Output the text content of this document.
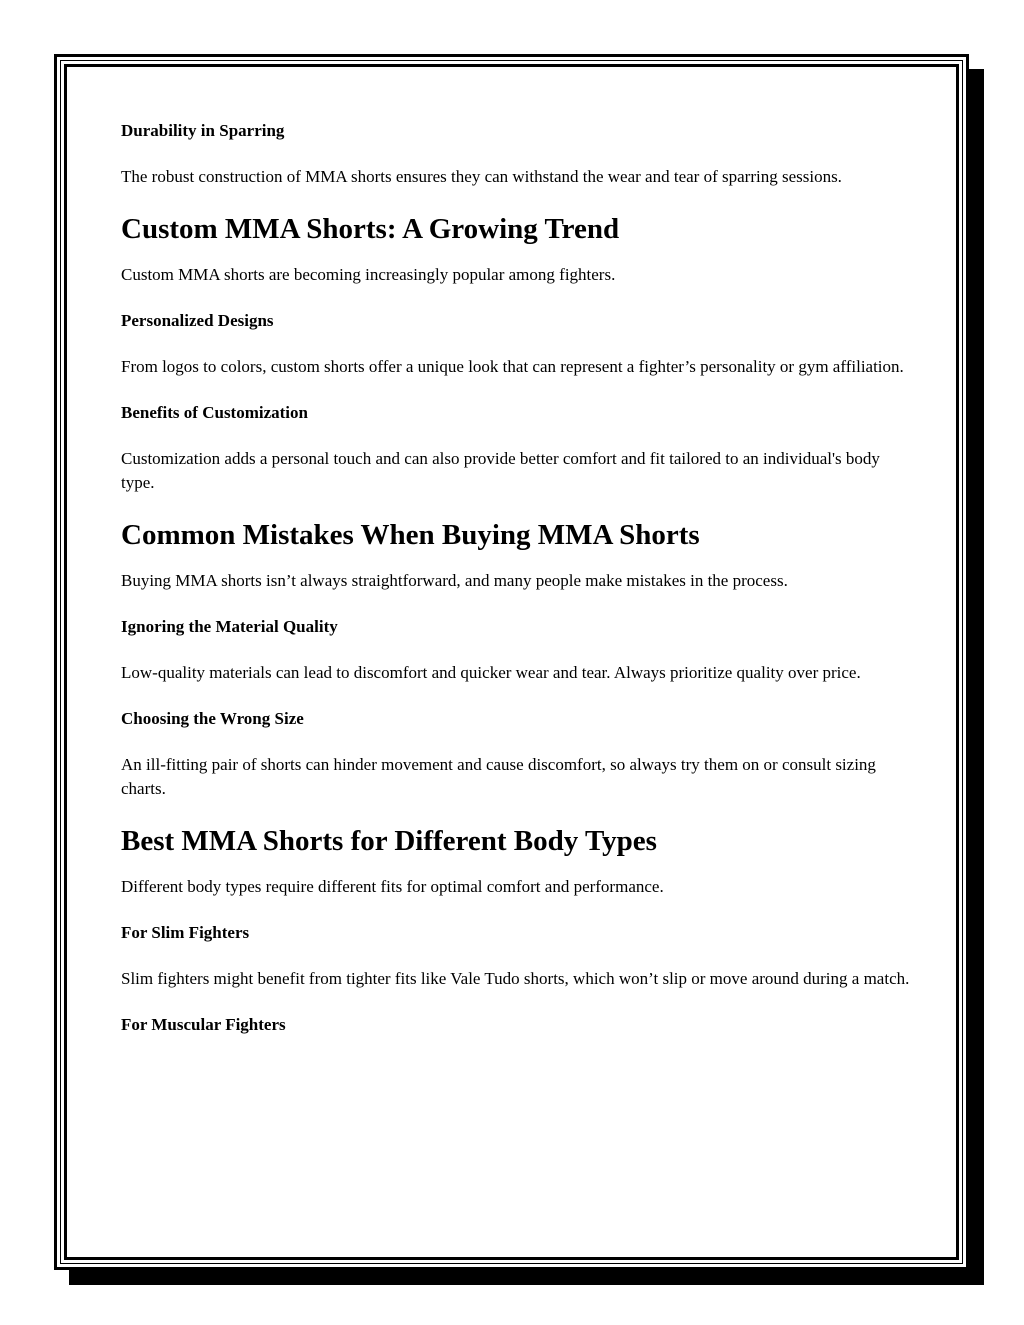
Durability in Sparring
The robust construction of MMA shorts ensures they can withstand the wear and tear of sparring sessions.
Custom MMA Shorts: A Growing Trend
Custom MMA shorts are becoming increasingly popular among fighters.
Personalized Designs
From logos to colors, custom shorts offer a unique look that can represent a fighter’s personality or gym affiliation.
Benefits of Customization
Customization adds a personal touch and can also provide better comfort and fit tailored to an individual's body type.
Common Mistakes When Buying MMA Shorts
Buying MMA shorts isn’t always straightforward, and many people make mistakes in the process.
Ignoring the Material Quality
Low-quality materials can lead to discomfort and quicker wear and tear. Always prioritize quality over price.
Choosing the Wrong Size
An ill-fitting pair of shorts can hinder movement and cause discomfort, so always try them on or consult sizing charts.
Best MMA Shorts for Different Body Types
Different body types require different fits for optimal comfort and performance.
For Slim Fighters
Slim fighters might benefit from tighter fits like Vale Tudo shorts, which won’t slip or move around during a match.
For Muscular Fighters
